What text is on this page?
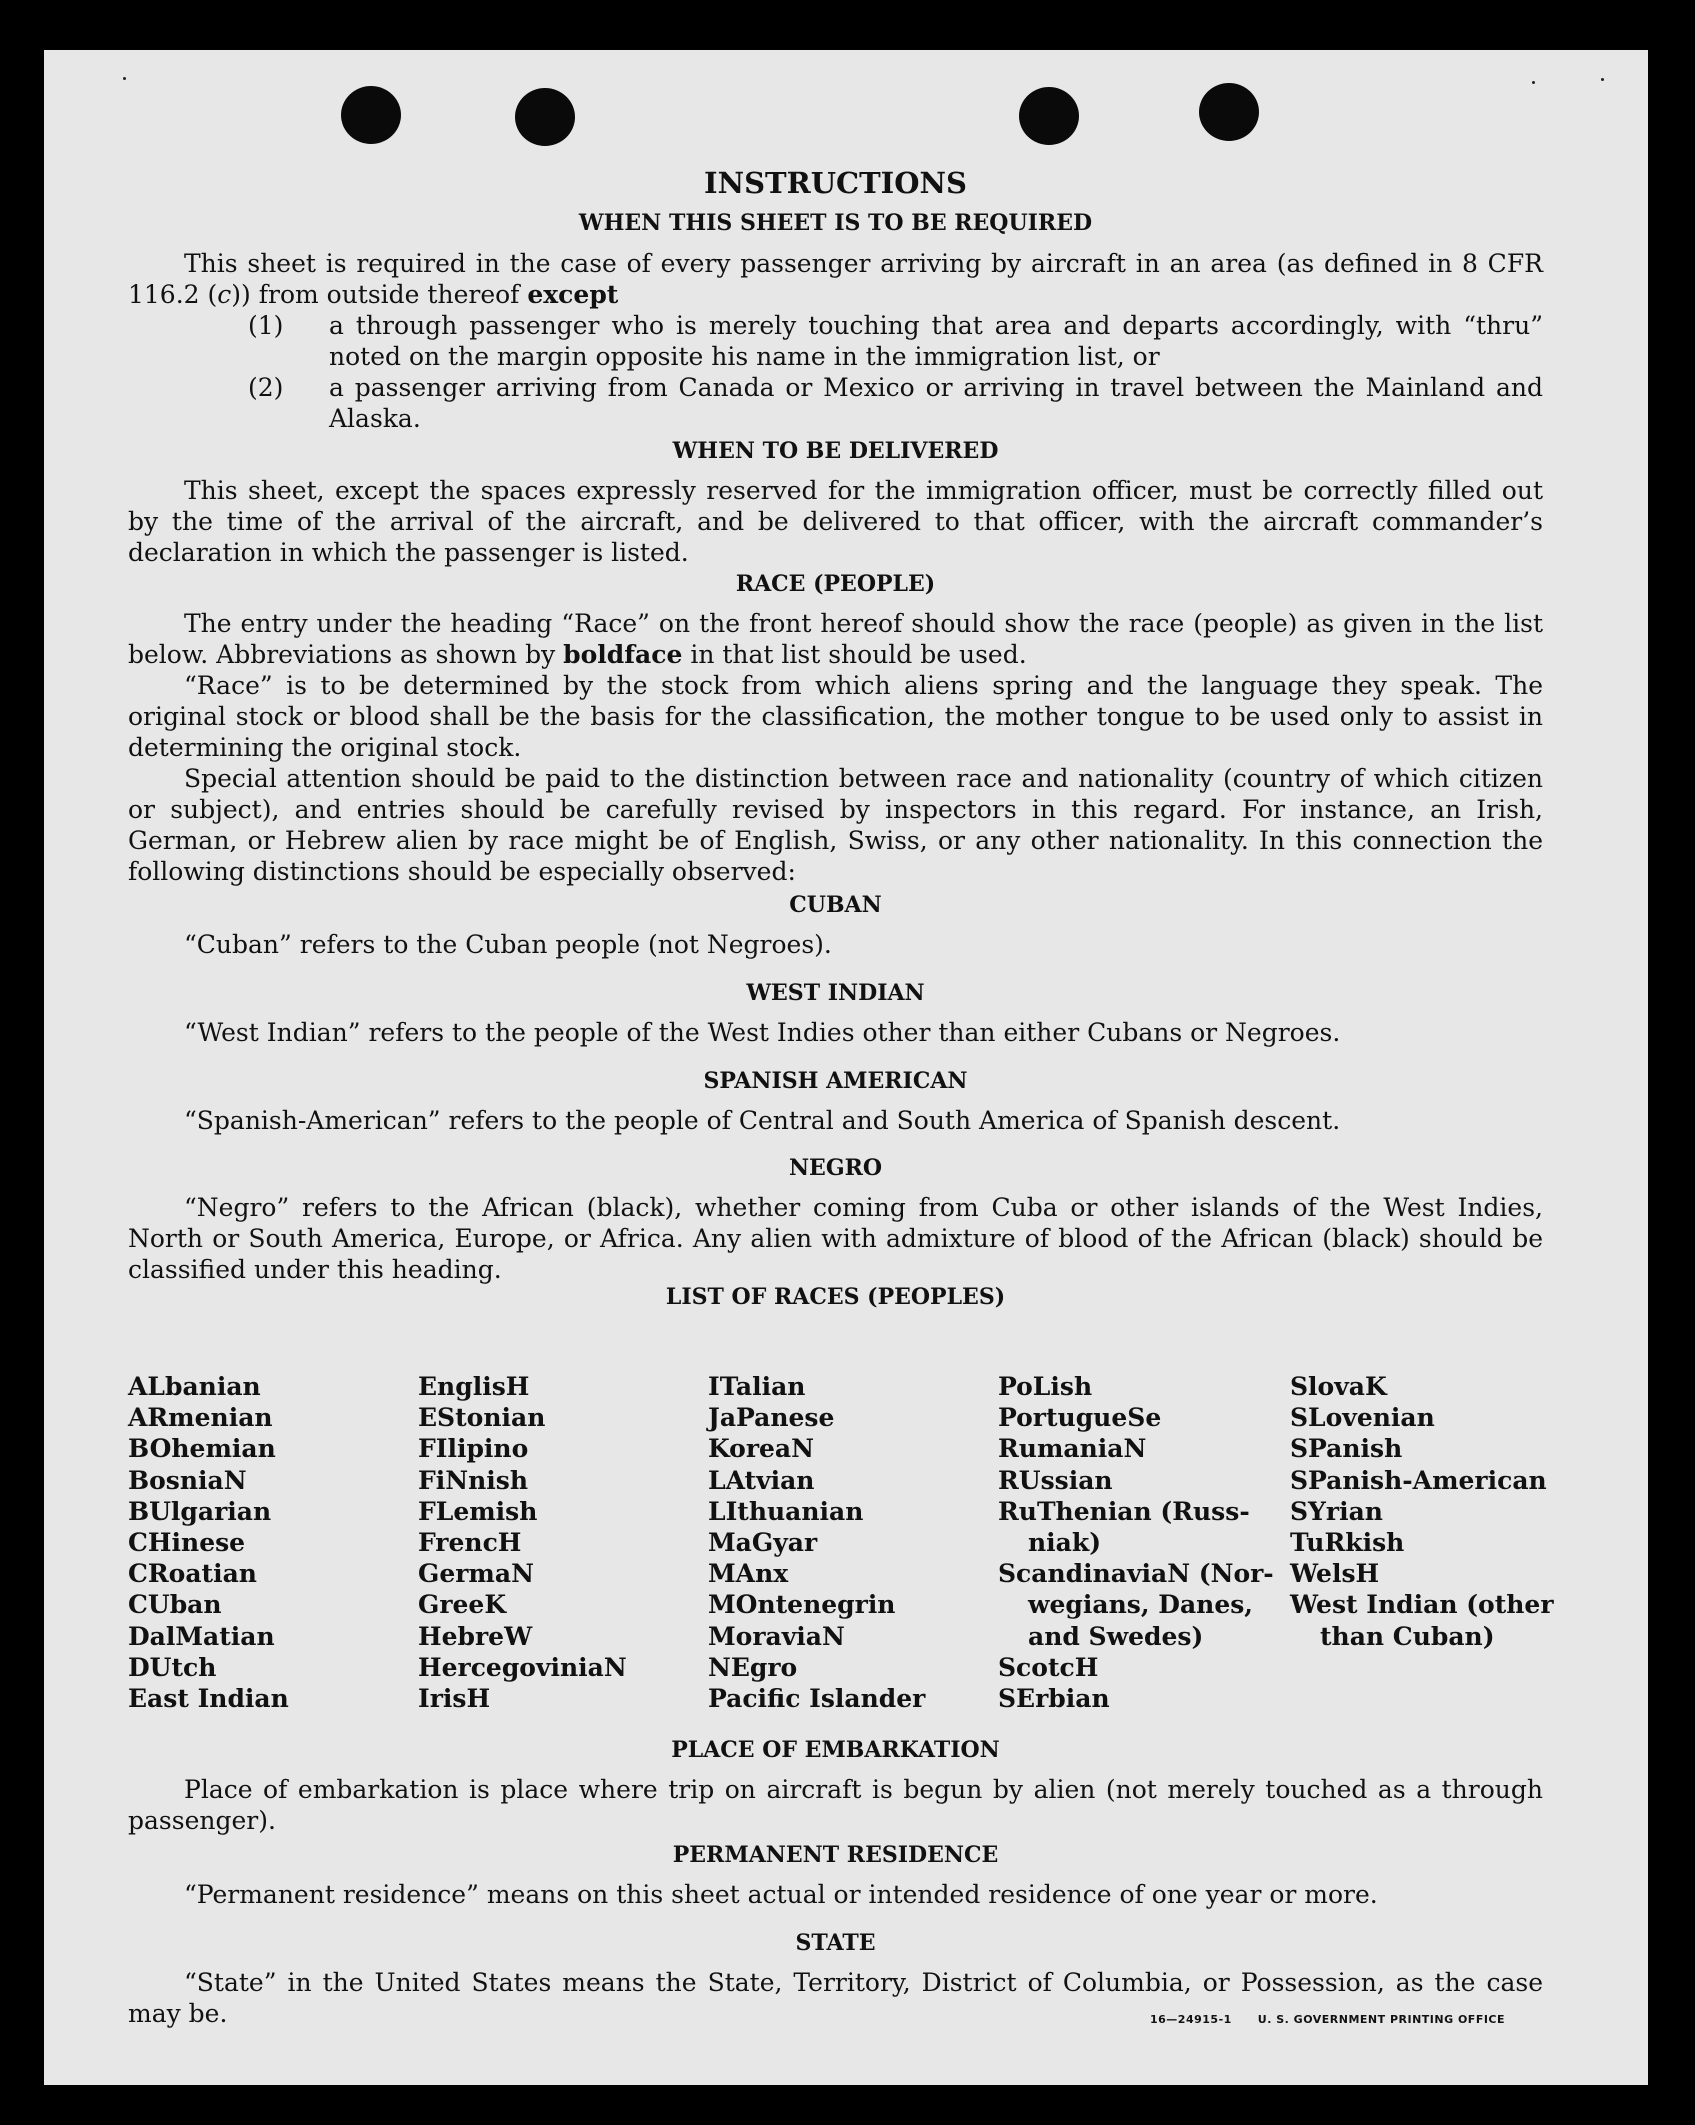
INSTRUCTIONS
WHEN THIS SHEET IS TO BE REQUIRED
This sheet is required in the case of every passenger arriving by aircraft in an area (as defined in 8 CFR 116.2 (c)) from outside thereof except
(1) a through passenger who is merely touching that area and departs accordingly, with “thru” noted on the margin opposite his name in the immigration list, or
(2) a passenger arriving from Canada or Mexico or arriving in travel between the Mainland and Alaska.
WHEN TO BE DELIVERED
This sheet, except the spaces expressly reserved for the immigration officer, must be correctly filled out by the time of the arrival of the aircraft, and be delivered to that officer, with the aircraft commander’s declaration in which the passenger is listed.
RACE (PEOPLE)
The entry under the heading “Race” on the front hereof should show the race (people) as given in the list below. Abbreviations as shown by boldface in that list should be used.
“Race” is to be determined by the stock from which aliens spring and the language they speak. The original stock or blood shall be the basis for the classification, the mother tongue to be used only to assist in determining the original stock.
Special attention should be paid to the distinction between race and nationality (country of which citizen or subject), and entries should be carefully revised by inspectors in this regard. For instance, an Irish, German, or Hebrew alien by race might be of English, Swiss, or any other nationality. In this connection the following distinctions should be especially observed:
CUBAN
“Cuban” refers to the Cuban people (not Negroes).
WEST INDIAN
“West Indian” refers to the people of the West Indies other than either Cubans or Negroes.
SPANISH AMERICAN
“Spanish-American” refers to the people of Central and South America of Spanish descent.
NEGRO
“Negro” refers to the African (black), whether coming from Cuba or other islands of the West Indies, North or South America, Europe, or Africa. Any alien with admixture of blood of the African (black) should be classified under this heading.
LIST OF RACES (PEOPLES)
ALbanian
ARmenian
BOhemian
BosniaN
BUlgarian
CHinese
CRoatian
CUban
DalMatian
DUtch
East Indian
EnglisH
EStonian
FIlipino
FiNnish
FLemish
FrencH
GermaN
GreeK
HebreW
HercegoviniaN
IrisH
ITalian
JaPanese
KoreaN
LAtvian
LIthuanian
MaGyar
MAnx
MOntenegrin
MoraviaN
NEgro
Pacific Islander
PoLish
PortugueSe
RumaniaN
RUssian
RuThenian (Russ-
niak)
ScandinaviaN (Nor-
wegians, Danes,
and Swedes)
ScotcH
SErbian
SlovaK
SLovenian
SPanish
SPanish-American
SYrian
TuRkish
WelsH
West Indian (other
than Cuban)
PLACE OF EMBARKATION
Place of embarkation is place where trip on aircraft is begun by alien (not merely touched as a through passenger).
PERMANENT RESIDENCE
“Permanent residence” means on this sheet actual or intended residence of one year or more.
STATE
“State” in the United States means the State, Territory, District of Columbia, or Possession, as the case may be.	16—24915-1 U. S. GOVERNMENT PRINTING OFFICE
